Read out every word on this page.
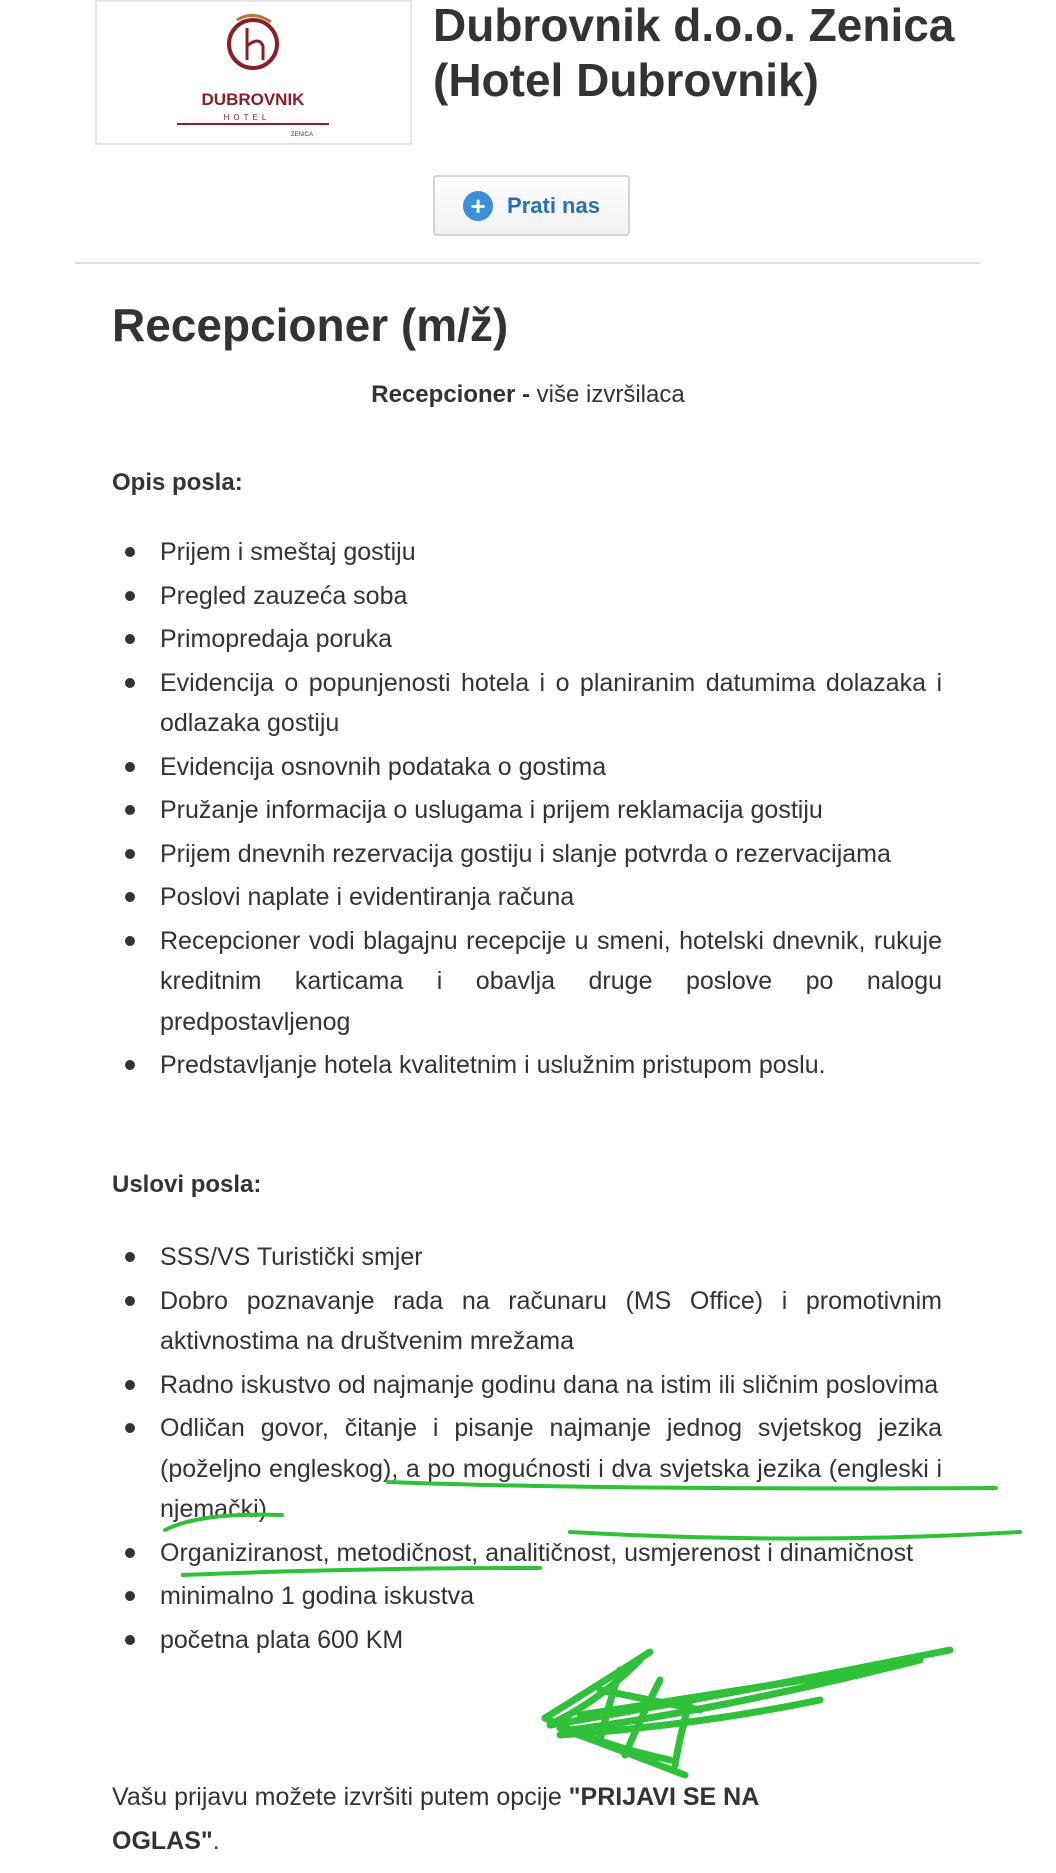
DUBROVNIK
HOTEL
ZENICA
Dubrovnik d.o.o. Zenica (Hotel Dubrovnik)
+ Prati nas
Recepcioner (m/ž)
Recepcioner - više izvršilaca
Opis posla:
Prijem i smeštaj gostiju
Pregled zauzeća soba
Primopredaja poruka
Evidencija o popunjenosti hotela i o planiranim datumima dolazaka i odlazaka gostiju
Evidencija osnovnih podataka o gostima
Pružanje informacija o uslugama i prijem reklamacija gostiju
Prijem dnevnih rezervacija gostiju i slanje potvrda o rezervacijama
Poslovi naplate i evidentiranja računa
Recepcioner vodi blagajnu recepcije u smeni, hotelski dnevnik, rukuje kreditnim karticama i obavlja druge poslove po nalogu predpostavljenog
Predstavljanje hotela kvalitetnim i uslužnim pristupom poslu.
Uslovi posla:
SSS/VS Turistički smjer
Dobro poznavanje rada na računaru (MS Office) i promotivnim aktivnostima na društvenim mrežama
Radno iskustvo od najmanje godinu dana na istim ili sličnim poslovima
Odličan govor, čitanje i pisanje najmanje jednog svjetskog jezika (poželjno engleskog), a po mogućnosti i dva svjetska jezika (engleski i njemački)
Organiziranost, metodičnost, analitičnost, usmjerenost i dinamičnost
minimalno 1 godina iskustva
početna plata 600 KM

Vašu prijavu možete izvršiti putem opcije "PRIJAVI SE NA OGLAS".
